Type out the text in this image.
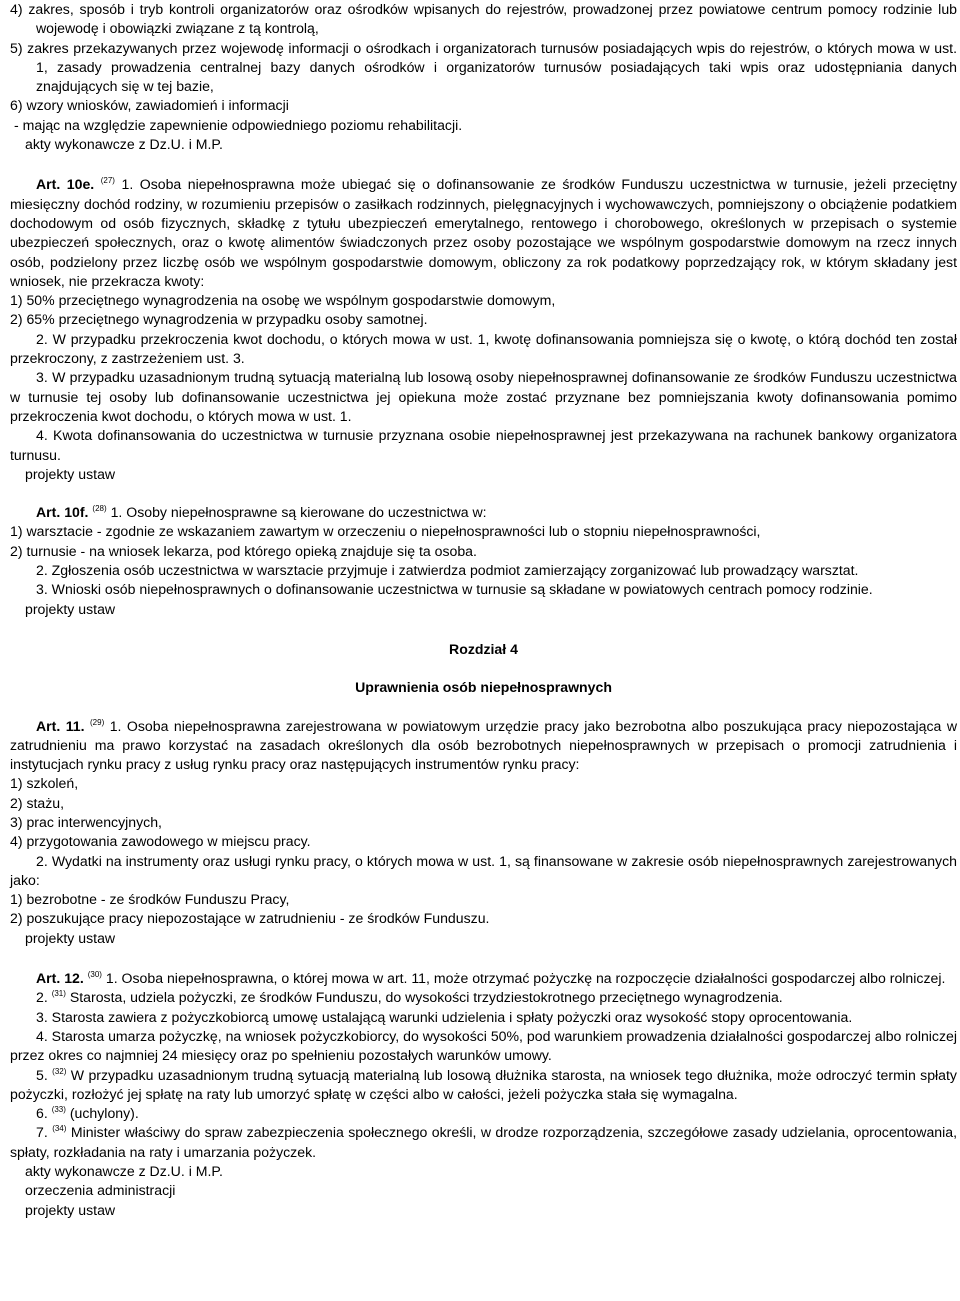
4) zakres, sposób i tryb kontroli organizatorów oraz ośrodków wpisanych do rejestrów, prowadzonej przez powiatowe centrum pomocy rodzinie lub wojewodę i obowiązki związane z tą kontrolą,

5) zakres przekazywanych przez wojewodę informacji o ośrodkach i organizatorach turnusów posiadających wpis do rejestrów, o których mowa w ust. 1, zasady prowadzenia centralnej bazy danych ośrodków i organizatorów turnusów posiadających taki wpis oraz udostępniania danych znajdujących się w tej bazie,

6) wzory wniosków, zawiadomień i informacji

- mając na względzie zapewnienie odpowiedniego poziomu rehabilitacji.

akty wykonawcze z Dz.U. i M.P.

Art. 10e. $^{(27)}$ 1. Osoba niepełnosprawna może ubiegać się o dofinansowanie ze środków Funduszu uczestnictwa w turnusie, jeżeli przeciętny miesięczny dochód rodziny, w rozumieniu przepisów o zasiłkach rodzinnych, pielęgnacyjnych i wychowawczych, pomniejszony o obciążenie podatkiem dochodowym od osób fizycznych, składkę z tytułu ubezpieczeń emerytalnego, rentowego i chorobowego, określonych w przepisach o systemie ubezpieczeń społecznych, oraz o kwotę alimentów świadczonych przez osoby pozostające we wspólnym gospodarstwie domowym na rzecz innych osób, podzielony przez liczbę osób we wspólnym gospodarstwie domowym, obliczony za rok podatkowy poprzedzający rok, w którym składany jest wniosek, nie przekracza kwoty:

1) 50% przeciętnego wynagrodzenia na osobę we wspólnym gospodarstwie domowym,

2) 65% przeciętnego wynagrodzenia w przypadku osoby samotnej.

2. W przypadku przekroczenia kwot dochodu, o których mowa w ust. 1, kwotę dofinansowania pomniejsza się o kwotę, o którą dochód ten został przekroczony, z zastrzeżeniem ust. 3.

3. W przypadku uzasadnionym trudną sytuacją materialną lub losową osoby niepełnosprawnej dofinansowanie ze środków Funduszu uczestnictwa w turnusie tej osoby lub dofinansowanie uczestnictwa jej opiekuna może zostać przyznane bez pomniejszania kwoty dofinansowania pomimo przekroczenia kwot dochodu, o których mowa w ust. 1.

4. Kwota dofinansowania do uczestnictwa w turnusie przyznana osobie niepełnosprawnej jest przekazywana na rachunek bankowy organizatora turnusu.

projekty ustaw

Art. 10f. $^{(28)}$ 1. Osoby niepełnosprawne są kierowane do uczestnictwa w:

1) warsztacie - zgodnie ze wskazaniem zawartym w orzeczeniu o niepełnosprawności lub o stopniu niepełnosprawności,

2) turnusie - na wniosek lekarza, pod którego opieką znajduje się ta osoba.

2. Zgłoszenia osób uczestnictwa w warsztacie przyjmuje i zatwierdza podmiot zamierzający zorganizować lub prowadzący warsztat.

3. Wnioski osób niepełnosprawnych o dofinansowanie uczestnictwa w turnusie są składane w powiatowych centrach pomocy rodzinie.

projekty ustaw

Rozdział 4

Uprawnienia osób niepełnosprawnych

Art. 11. $^{(29)}$ 1. Osoba niepełnosprawna zarejestrowana w powiatowym urzędzie pracy jako bezrobotna albo poszukująca pracy niepozostająca w zatrudnieniu ma prawo korzystać na zasadach określonych dla osób bezrobotnych niepełnosprawnych w przepisach o promocji zatrudnienia i instytucjach rynku pracy z usług rynku pracy oraz następujących instrumentów rynku pracy:

1) szkoleń,

2) stażu,

3) prac interwencyjnych,

4) przygotowania zawodowego w miejscu pracy.

2. Wydatki na instrumenty oraz usługi rynku pracy, o których mowa w ust. 1, są finansowane w zakresie osób niepełnosprawnych zarejestrowanych jako:

1) bezrobotne - ze środków Funduszu Pracy,

2) poszukujące pracy niepozostające w zatrudnieniu - ze środków Funduszu.

projekty ustaw

Art. 12. $^{(30)}$ 1. Osoba niepełnosprawna, o której mowa w art. 11, może otrzymać pożyczkę na rozpoczęcie działalności gospodarczej albo rolniczej.

2. $^{(31)}$ Starosta, udziela pożyczki, ze środków Funduszu, do wysokości trzydziestokrotnego przeciętnego wynagrodzenia.

3. Starosta zawiera z pożyczkobiorcą umowę ustalającą warunki udzielenia i spłaty pożyczki oraz wysokość stopy oprocentowania.

4. Starosta umarza pożyczkę, na wniosek pożyczkobiorcy, do wysokości 50%, pod warunkiem prowadzenia działalności gospodarczej albo rolniczej przez okres co najmniej 24 miesięcy oraz po spełnieniu pozostałych warunków umowy.

5. $^{(32)}$ W przypadku uzasadnionym trudną sytuacją materialną lub losową dłużnika starosta, na wniosek tego dłużnika, może odroczyć termin spłaty pożyczki, rozłożyć jej spłatę na raty lub umorzyć spłatę w części albo w całości, jeżeli pożyczka stała się wymagalna.

6. $^{(33)}$ (uchylony).

7. $^{(34)}$ Minister właściwy do spraw zabezpieczenia społecznego określi, w drodze rozporządzenia, szczegółowe zasady udzielania, oprocentowania, spłaty, rozkładania na raty i umarzania pożyczek.

akty wykonawcze z Dz.U. i M.P.

orzeczenia administracji

projekty ustaw
